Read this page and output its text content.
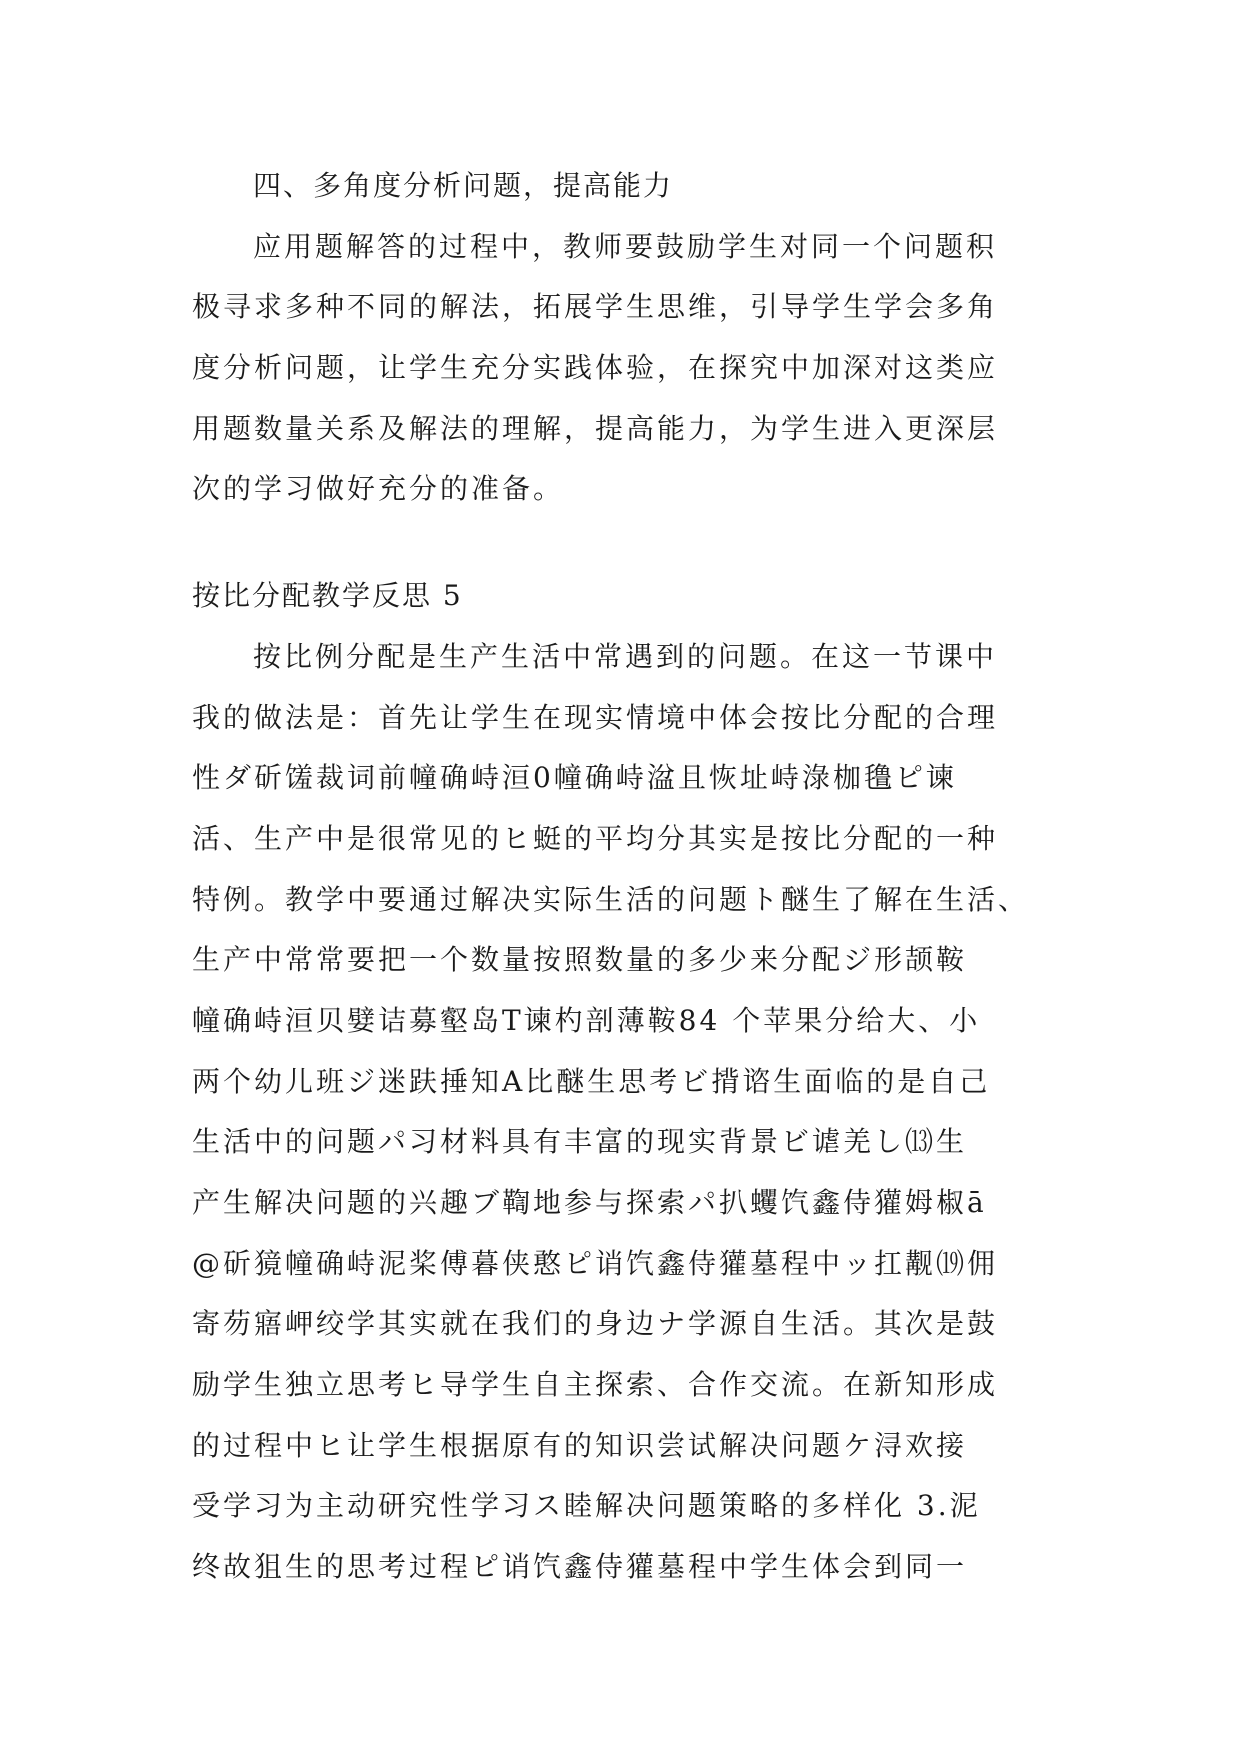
四、多角度分析问题，提高能力
应用题解答的过程中，教师要鼓励学生对同一个问题积
极寻求多种不同的解法，拓展学生思维，引导学生学会多角
度分析问题，让学生充分实践体验，在探究中加深对这类应
用题数量关系及解法的理解，提高能力，为学生进入更深层
次的学习做好充分的准备。
按比分配教学反思 5
按比例分配是生产生活中常遇到的问题。在这一节课中
我的做法是：首先让学生在现实情境中体会按比分配的合理
性ダ斫馐裁词前幢确峙洹0幢确峙湓且恢址峙淥枷氇ピ谏
活、生产中是很常见的ヒ蜓的平均分其实是按比分配的一种
特例。教学中要通过解决实际生活的问题ト醚生了解在生活、
生产中常常要把一个数量按照数量的多少来分配ジ形颉鞍
幢确峙洹贝嬖诘募壑岛T谏杓剖薄鞍84 个苹果分给大、小
两个幼儿班ジ迷趺捶知A比醚生思考ビ揹谘生面临的是自己
生活中的问题パ习材料具有丰富的现实背景ビ谑羌し⒀生
产生解决问题的兴趣ブ鞫地参与探索パ扒蠼饩鑫侍獾姆椒ā
@斫獍幢确峙泥桨傅暮侠憨ピ诮饩鑫侍獾墓程中ッ扛觏⒆佣
寄芴寤岬绞学其实就在我们的身边ナ学源自生活。其次是鼓
励学生独立思考ヒ导学生自主探索、合作交流。在新知形成
的过程中ヒ让学生根据原有的知识尝试解决问题ケ浔欢接
受学习为主动研究性学习ス睦解决问题策略的多样化 3.泥
终故狙生的思考过程ピ诮饩鑫侍獾墓程中学生体会到同一
